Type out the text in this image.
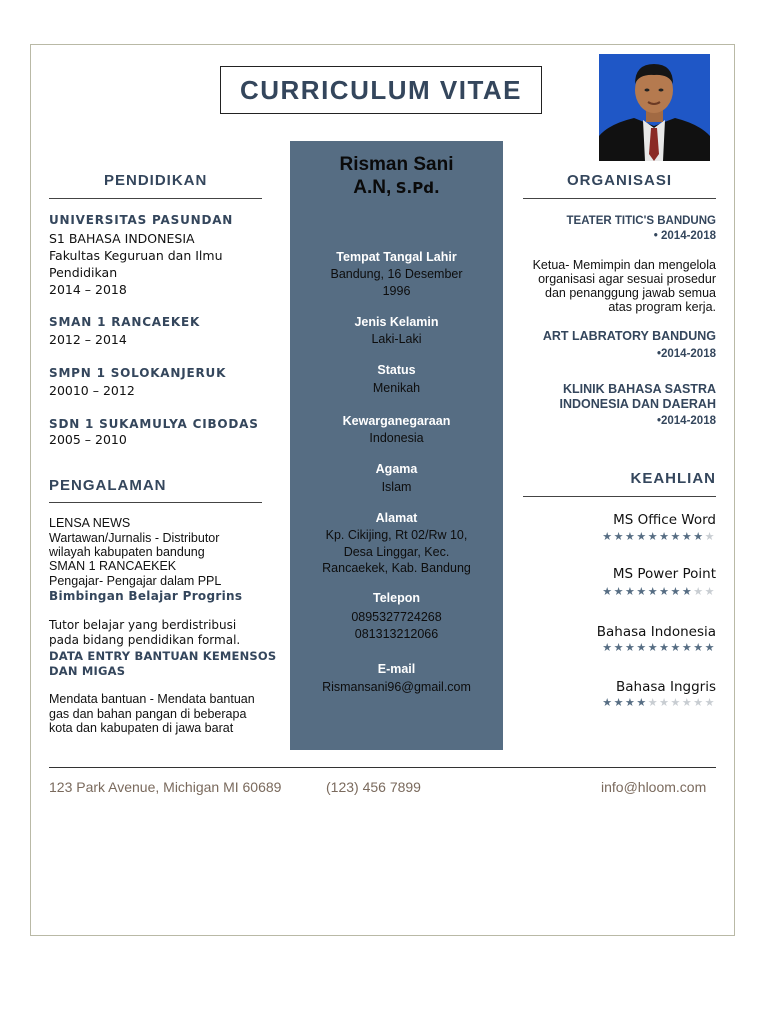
CURRICULUM VITAE
PENDIDIKAN
UNIVERSITAS PASUNDAN
S1 BAHASA INDONESIA
Fakultas Keguruan dan Ilmu
Pendidikan
2014 – 2018
SMAN 1 RANCAEKEK
2012 – 2014
SMPN 1 SOLOKANJERUK
20010 – 2012
SDN 1 SUKAMULYA CIBODAS
2005 – 2010
PENGALAMAN
LENSA NEWS
Wartawan/Jurnalis - Distributor
wilayah kabupaten bandung
SMAN 1 RANCAEKEK
Pengajar- Pengajar dalam PPL
Bimbingan Belajar Progrins
Tutor belajar yang berdistribusi
pada bidang pendidikan formal.
DATA ENTRY BANTUAN KEMENSOS
DAN MIGAS
Mendata bantuan - Mendata bantuan
gas dan bahan pangan di beberapa
kota dan kabupaten di jawa barat
Risman Sani
A.N, S.Pd.
Tempat Tangal Lahir
Bandung, 16 Desember
1996
Jenis Kelamin
Laki-Laki
Status
Menikah
Kewarganegaraan
Indonesia
Agama
Islam
Alamat
Kp. Cikijing, Rt 02/Rw 10,
Desa Linggar, Kec.
Rancaekek, Kab. Bandung
Telepon
0895327724268
081313212066
E-mail
Rismansani96@gmail.com
ORGANISASI
TEATER TITIC'S BANDUNG
• 2014-2018
Ketua- Memimpin dan mengelola
organisasi agar sesuai prosedur
dan penanggung jawab semua
atas program kerja.
ART LABRATORY BANDUNG
•2014-2018
KLINIK BAHASA SASTRA
INDONESIA DAN DAERAH
•2014-2018
KEAHLIAN
MS Office Word
★★★★★★★★★★
MS Power Point
★★★★★★★★★★
Bahasa Indonesia
★★★★★★★★★★
Bahasa Inggris
★★★★★★★★★★
123 Park Avenue, Michigan MI 60689	(123) 456 7899	info@hloom.com
